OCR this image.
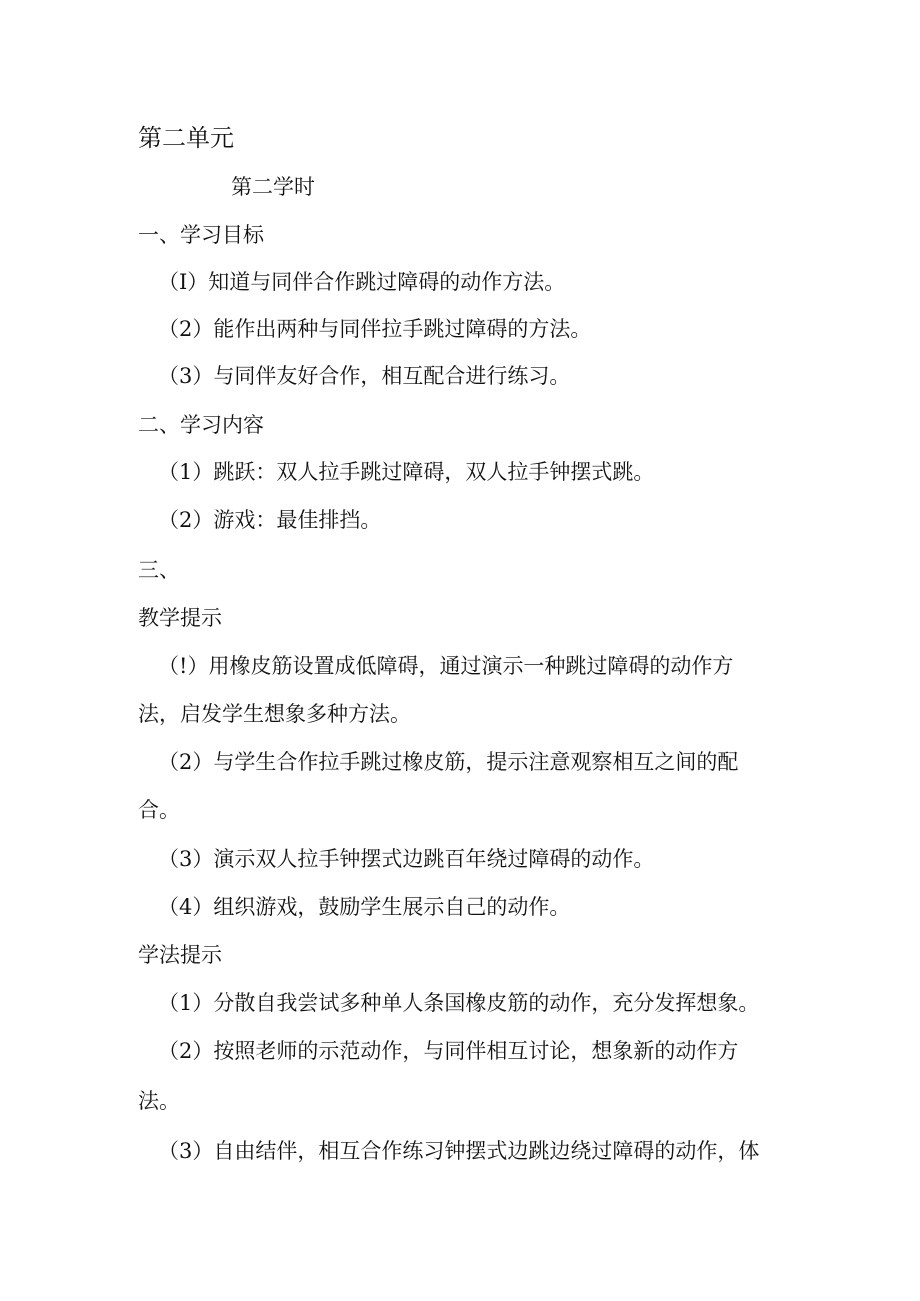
第二单元
第二学时
一、学习目标
（I）知道与同伴合作跳过障碍的动作方法。
（2）能作出两种与同伴拉手跳过障碍的方法。
（3）与同伴友好合作，相互配合进行练习。
二、学习内容
（1）跳跃：双人拉手跳过障碍，双人拉手钟摆式跳。
（2）游戏：最佳排挡。
三、
教学提示
（!）用橡皮筋设置成低障碍，通过演示一种跳过障碍的动作方
法，启发学生想象多种方法。
（2）与学生合作拉手跳过橡皮筋，提示注意观察相互之间的配
合。
（3）演示双人拉手钟摆式边跳百年绕过障碍的动作。
（4）组织游戏，鼓励学生展示自己的动作。
学法提示
（1）分散自我尝试多种单人条国橡皮筋的动作，充分发挥想象。
（2）按照老师的示范动作，与同伴相互讨论，想象新的动作方
法。
（3）自由结伴，相互合作练习钟摆式边跳边绕过障碍的动作，体
